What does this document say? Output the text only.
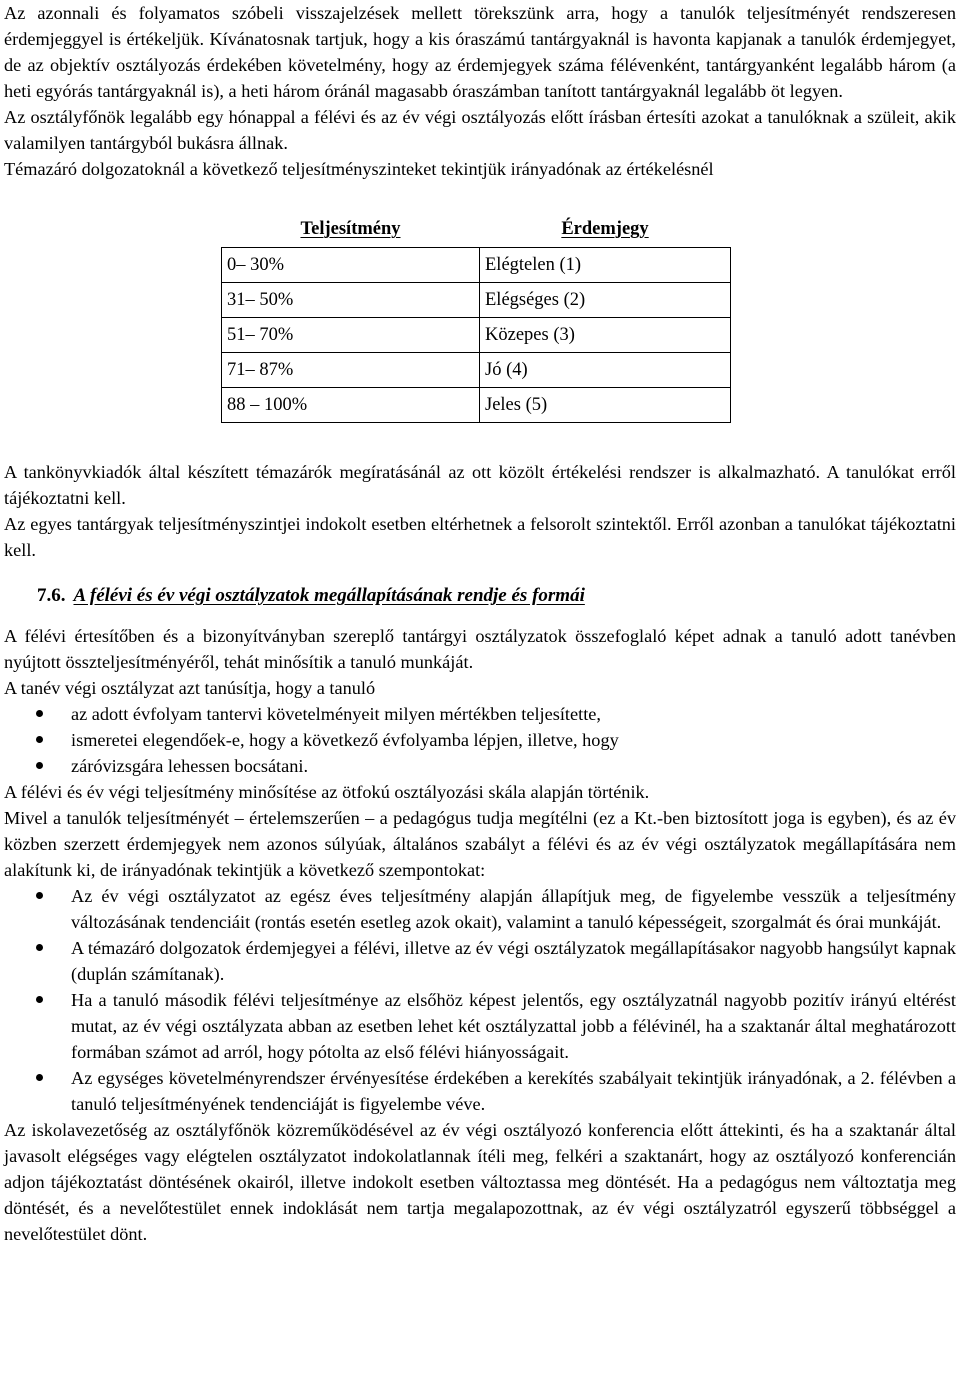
Az azonnali és folyamatos szóbeli visszajelzések mellett törekszünk arra, hogy a tanulók teljesítményét rendszeresen érdemjeggyel is értékeljük. Kívánatosnak tartjuk, hogy a kis óraszámú tantárgyaknál is havonta kapjanak a tanulók érdemjegyet, de az objektív osztályozás érdekében követelmény, hogy az érdemjegyek száma félévenként, tantárgyanként legalább három (a heti egyórás tantárgyaknál is), a heti három óránál magasabb óraszámban tanított tantárgyaknál legalább öt legyen.

Az osztályfőnök legalább egy hónappal a félévi és az év végi osztályozás előtt írásban értesíti azokat a tanulóknak a szüleit, akik valamilyen tantárgyból bukásra állnak.

Témazáró dolgozatoknál a következő teljesítményszinteket tekintjük irányadónak az értékelésnél

Teljesítmény	Érdemjegy
0– 30%	Elégtelen (1)
31– 50%	Elégséges (2)
51– 70%	Közepes (3)
71– 87%	Jó (4)
88 – 100%	Jeles (5)

A tankönyvkiadók által készített témazárók megíratásánál az ott közölt értékelési rendszer is alkalmazható. A tanulókat erről tájékoztatni kell.

Az egyes tantárgyak teljesítményszintjei indokolt esetben eltérhetnek a felsorolt szintektől. Erről azonban a tanulókat tájékoztatni kell.

7.6. A félévi és év végi osztályzatok megállapításának rendje és formái

A félévi értesítőben és a bizonyítványban szereplő tantárgyi osztályzatok összefoglaló képet adnak a tanuló adott tanévben nyújtott összteljesítményéről, tehát minősítik a tanuló munkáját.

A tanév végi osztályzat azt tanúsítja, hogy a tanuló

az adott évfolyam tantervi követelményeit milyen mértékben teljesítette,
ismeretei elegendőek-e, hogy a következő évfolyamba lépjen, illetve, hogy
záróvizsgára lehessen bocsátani.

A félévi és év végi teljesítmény minősítése az ötfokú osztályozási skála alapján történik.

Mivel a tanulók teljesítményét – értelemszerűen – a pedagógus tudja megítélni (ez a Kt.-ben biztosított joga is egyben), és az év közben szerzett érdemjegyek nem azonos súlyúak, általános szabályt a félévi és az év végi osztályzatok megállapítására nem alakítunk ki, de irányadónak tekintjük a következő szempontokat:

Az év végi osztályzatot az egész éves teljesítmény alapján állapítjuk meg, de figyelembe vesszük a teljesítmény változásának tendenciáit (rontás esetén esetleg azok okait), valamint a tanuló képességeit, szorgalmát és órai munkáját.
A témazáró dolgozatok érdemjegyei a félévi, illetve az év végi osztályzatok megállapításakor nagyobb hangsúlyt kapnak (duplán számítanak).
Ha a tanuló második félévi teljesítménye az elsőhöz képest jelentős, egy osztályzatnál nagyobb pozitív irányú eltérést mutat, az év végi osztályzata abban az esetben lehet két osztályzattal jobb a félévinél, ha a szaktanár által meghatározott formában számot ad arról, hogy pótolta az első félévi hiányosságait.
Az egységes követelményrendszer érvényesítése érdekében a kerekítés szabályait tekintjük irányadónak, a 2. félévben a tanuló teljesítményének tendenciáját is figyelembe véve.

Az iskolavezetőség az osztályfőnök közreműködésével az év végi osztályozó konferencia előtt áttekinti, és ha a szaktanár által javasolt elégséges vagy elégtelen osztályzatot indokolatlannak ítéli meg, felkéri a szaktanárt, hogy az osztályozó konferencián adjon tájékoztatást döntésének okairól, illetve indokolt esetben változtassa meg döntését. Ha a pedagógus nem változtatja meg döntését, és a nevelőtestület ennek indoklását nem tartja megalapozottnak, az év végi osztályzatról egyszerű többséggel a nevelőtestület dönt.
